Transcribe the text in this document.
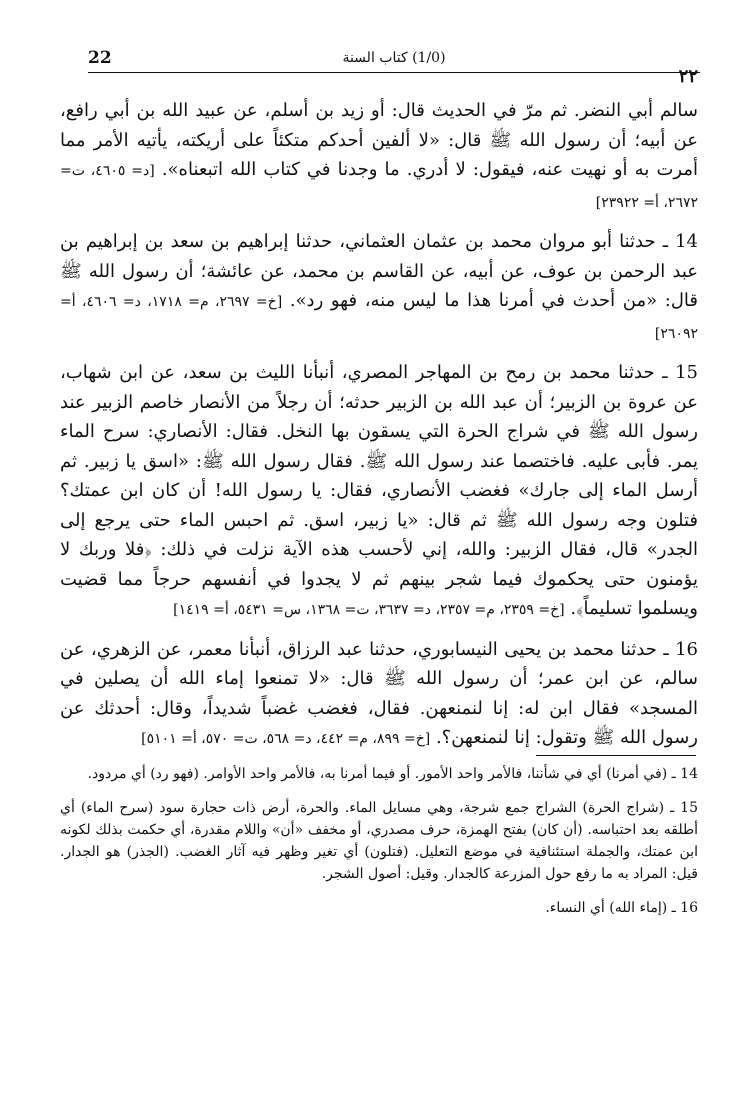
22	(1/0) كتاب السنة
٢٢

سالم أبي النضر. ثم مرّ في الحديث قال: أو زيد بن أسلم، عن عبيد الله بن أبي رافع، عن أبيه؛ أن رسول الله ﷺ قال: «لا ألفين أحدكم متكئاً على أريكته، يأتيه الأمر مما أمرت به أو نهيت عنه، فيقول: لا أدري. ما وجدنا في كتاب الله اتبعناه». [د= ٤٦٠٥، ت= ٢٦٧٢، أ= ٢٣٩٢٢]

14 ـ حدثنا أبو مروان محمد بن عثمان العثماني، حدثنا إبراهيم بن سعد بن إبراهيم بن عبد الرحمن بن عوف، عن أبيه، عن القاسم بن محمد، عن عائشة؛ أن رسول الله ﷺ قال: «من أحدث في أمرنا هذا ما ليس منه، فهو رد». [خ= ٢٦٩٧، م= ١٧١٨، د= ٤٦٠٦، أ= ٢٦٠٩٢]

15 ـ حدثنا محمد بن رمح بن المهاجر المصري، أنبأنا الليث بن سعد، عن ابن شهاب، عن عروة بن الزبير؛ أن عبد الله بن الزبير حدثه؛ أن رجلاً من الأنصار خاصم الزبير عند رسول الله ﷺ في شراج الحرة التي يسقون بها النخل. فقال: الأنصاري: سرح الماء يمر. فأبى عليه. فاختصما عند رسول الله ﷺ. فقال رسول الله ﷺ: «اسق يا زبير. ثم أرسل الماء إلى جارك» فغضب الأنصاري، فقال: يا رسول الله! أن كان ابن عمتك؟ فتلون وجه رسول الله ﷺ ثم قال: «يا زبير، اسق. ثم احبس الماء حتى يرجع إلى الجدر» قال، فقال الزبير: والله، إني لأحسب هذه الآية نزلت في ذلك: ﴿فلا وربك لا يؤمنون حتى يحكموك فيما شجر بينهم ثم لا يجدوا في أنفسهم حرجاً مما قضيت ويسلموا تسليماً﴾. [خ= ٢٣٥٩، م= ٢٣٥٧، د= ٣٦٣٧، ت= ١٣٦٨، س= ٥٤٣١، أ= ١٤١٩]

16 ـ حدثنا محمد بن يحيى النيسابوري، حدثنا عبد الرزاق، أنبأنا معمر، عن الزهري، عن سالم، عن ابن عمر؛ أن رسول الله ﷺ قال: «لا تمنعوا إماء الله أن يصلين في المسجد» فقال ابن له: إنا لنمنعهن. فقال، فغضب غضباً شديداً، وقال: أحدثك عن رسول الله ﷺ وتقول: إنا لنمنعهن؟. [خ= ٨٩٩، م= ٤٤٢، د= ٥٦٨، ت= ٥٧٠، أ= ٥١٠١]

14 ـ (في أمرنا) أي في شأننا، فالأمر واحد الأمور. أو فيما أمرنا به، فالأمر واحد الأوامر. (فهو رد) أي مردود.

15 ـ (شراج الحرة) الشراج جمع شرجة، وهي مسايل الماء. والحرة، أرض ذات حجارة سود (سرح الماء) أي أطلقه بعد احتباسه. (أن كان) بفتح الهمزة، حرف مصدري، أو مخفف «أن» واللام مقدرة، أي حكمت بذلك لكونه ابن عمتك، والجملة استئنافية في موضع التعليل. (فتلون) أي تغير وظهر فيه آثار الغضب. (الجذر) هو الجدار. قيل: المراد به ما رفع حول المزرعة كالجدار. وقيل: أصول الشجر.

16 ـ (إماء الله) أي النساء.
